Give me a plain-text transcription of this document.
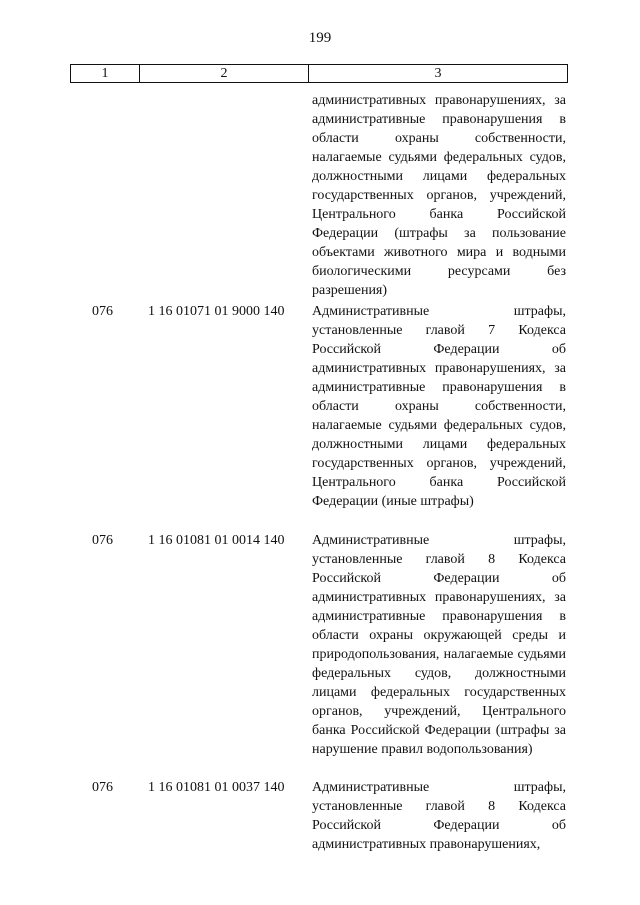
199
1	2	3

административных правонарушениях, за административные правонарушения в области охраны собственности, налагаемые судьями федеральных судов, должностными лицами федеральных государственных органов, учреждений, Центрального банка Российской Федерации (штрафы за пользование объектами животного мира и водными биологическими ресурсами без разрешения)

076	1 16 01071 01 9000 140 Административные штрафы, установленные главой 7 Кодекса Российской Федерации об административных правонарушениях, за административные правонарушения в области охраны собственности, налагаемые судьями федеральных судов, должностными лицами федеральных государственных органов, учреждений, Центрального банка Российской Федерации (иные штрафы)

076	1 16 01081 01 0014 140 Административные штрафы, установленные главой 8 Кодекса Российской Федерации об административных правонарушениях, за административные правонарушения в области охраны окружающей среды и природопользования, налагаемые судьями федеральных судов, должностными лицами федеральных государственных органов, учреждений, Центрального банка Российской Федерации (штрафы за нарушение правил водопользования)

076	1 16 01081 01 0037 140 Административные штрафы, установленные главой 8 Кодекса Российской Федерации об административных правонарушениях,
